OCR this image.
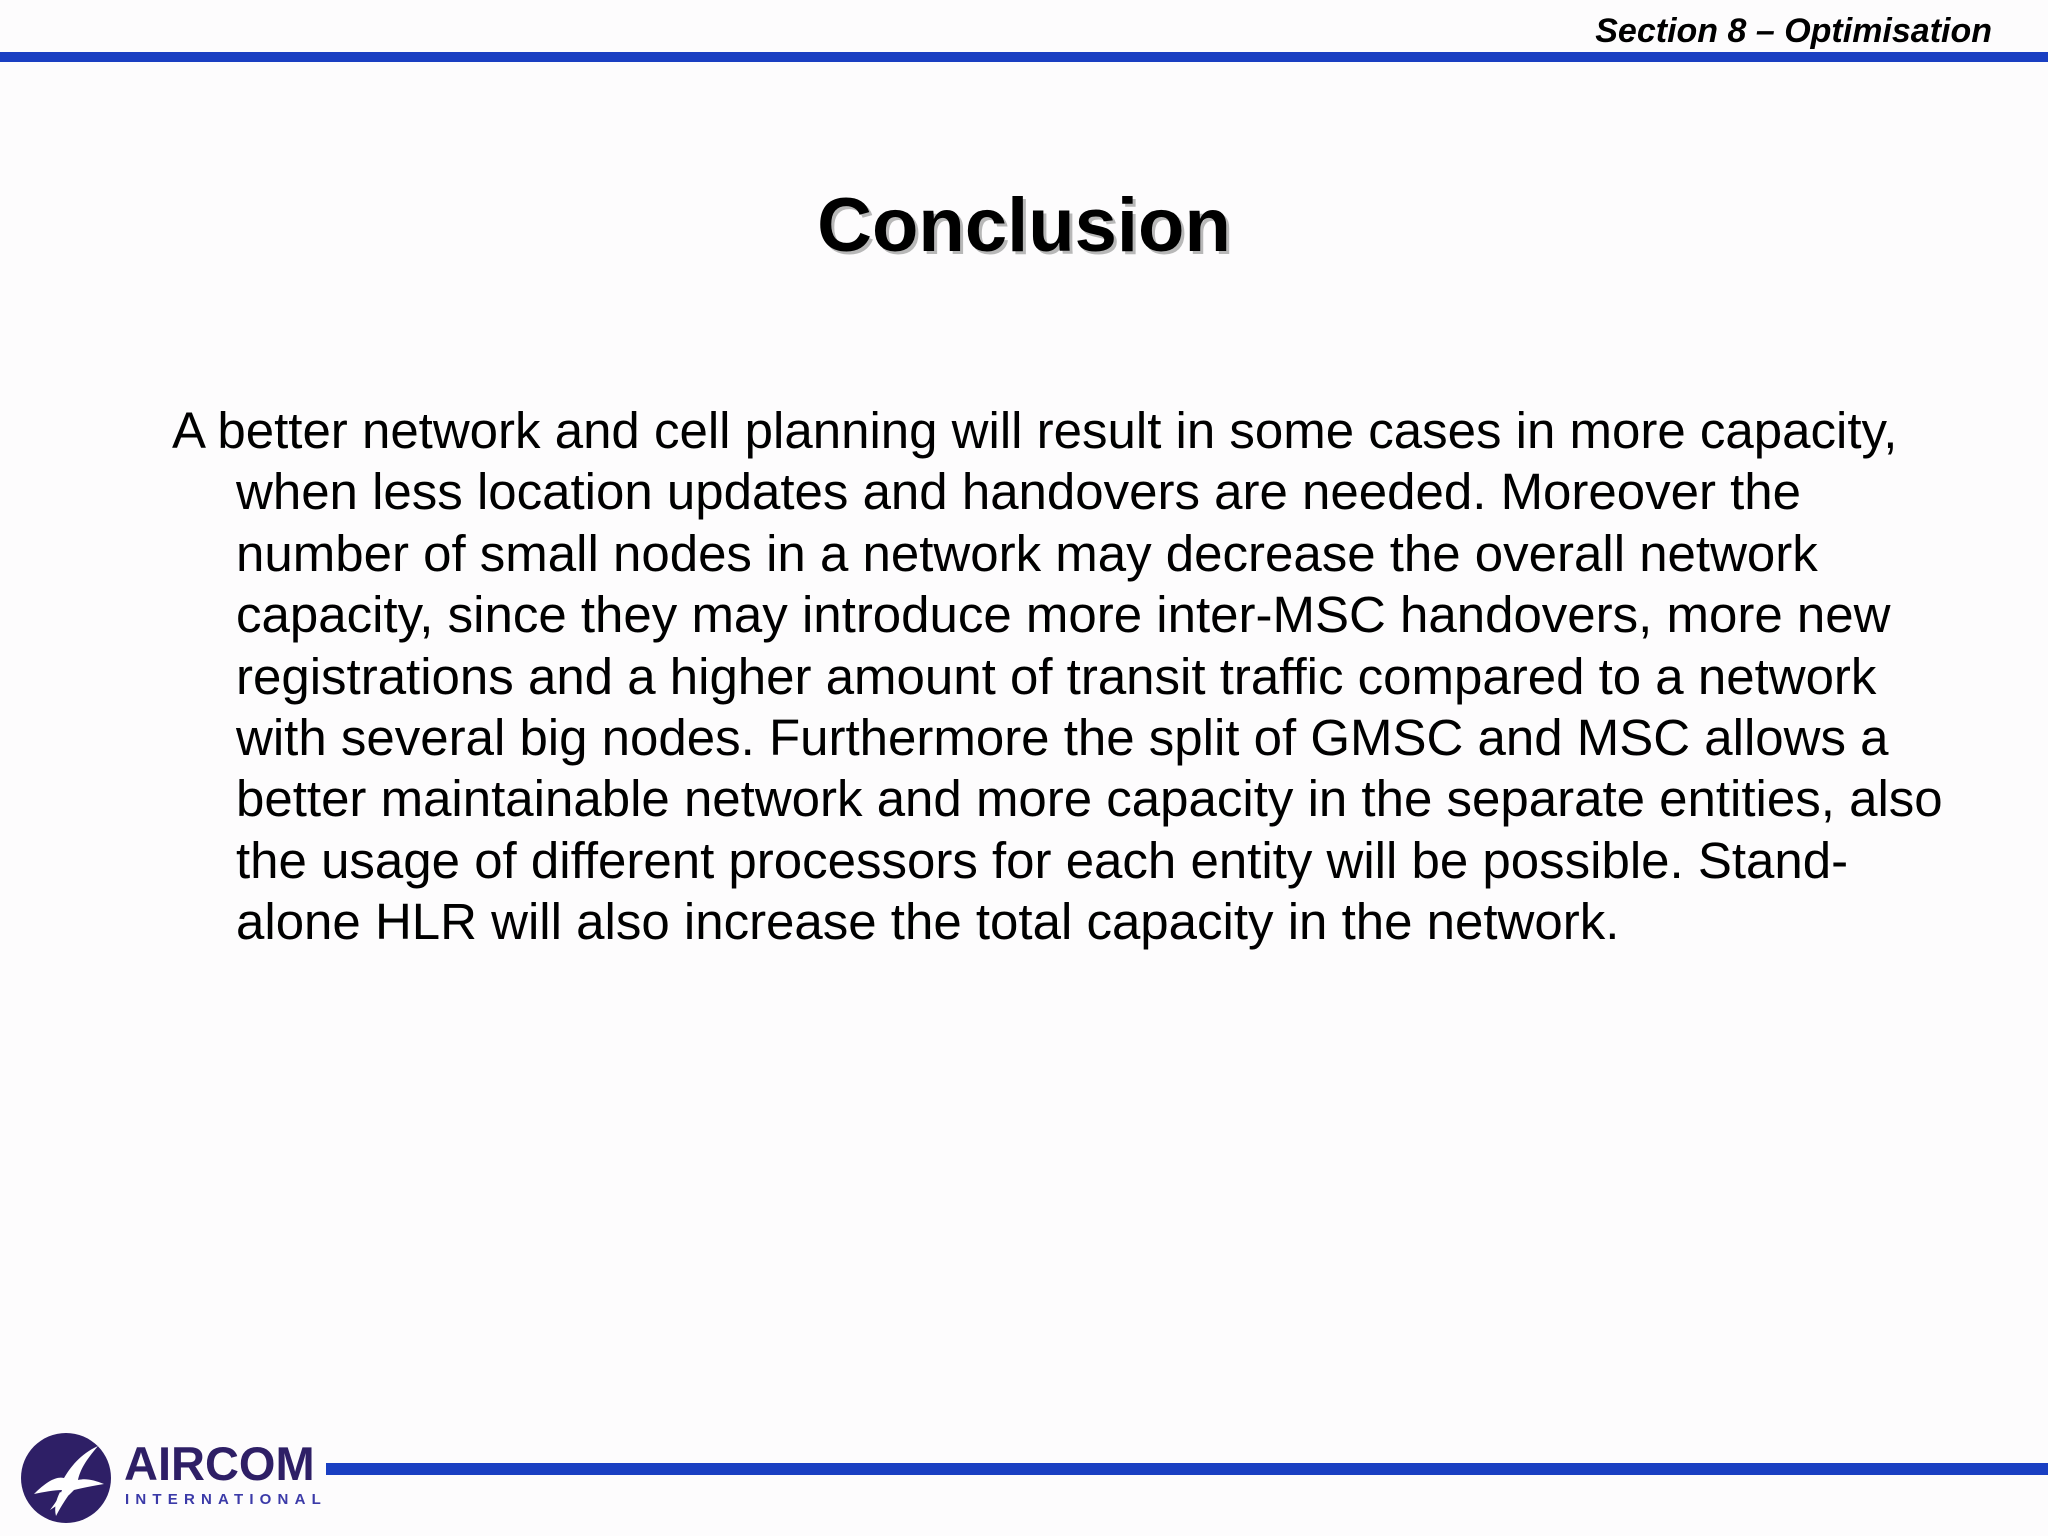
Section 8 – Optimisation
Conclusion

A better network and cell planning will result in some cases in more capacity, when less location updates and handovers are needed. Moreover the number of small nodes in a network may decrease the overall network capacity, since they may introduce more inter-MSC handovers, more new registrations and a higher amount of transit traffic compared to a network with several big nodes. Furthermore the split of GMSC and MSC allows a better maintainable network and more capacity in the separate entities, also the usage of different processors for each entity will be possible. Stand-alone HLR will also increase the total capacity in the network.

AIRCOM
INTERNATIONAL
